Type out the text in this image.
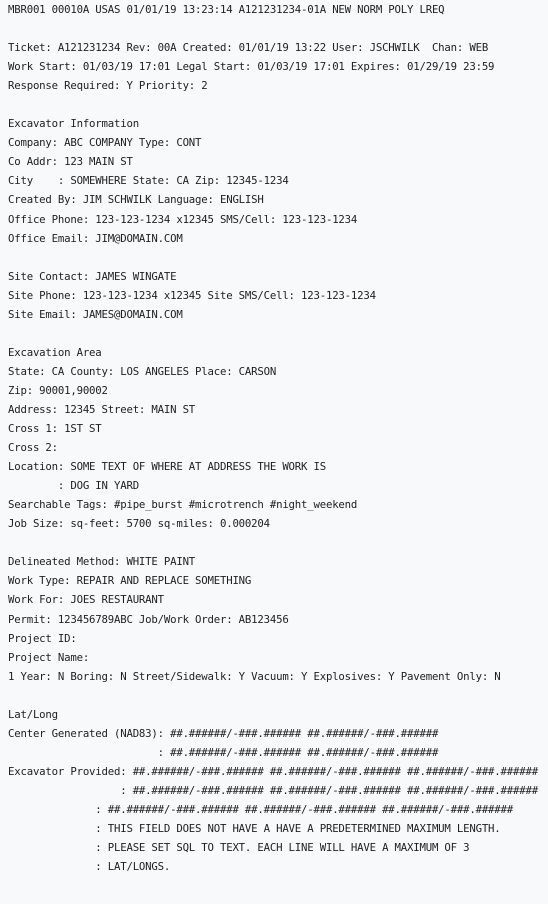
MBR001 00010A USAS 01/01/19 13:23:14 A121231234-01A NEW NORM POLY LREQ
Ticket: A121231234 Rev: 00A Created: 01/01/19 13:22 User: JSCHWILK  Chan: WEB
Work Start: 01/03/19 17:01 Legal Start: 01/03/19 17:01 Expires: 01/29/19 23:59
Response Required: Y Priority: 2
Excavator Information
Company: ABC COMPANY Type: CONT
Co Addr: 123 MAIN ST
City    : SOMEWHERE State: CA Zip: 12345-1234
Created By: JIM SCHWILK Language: ENGLISH
Office Phone: 123-123-1234 x12345 SMS/Cell: 123-123-1234
Office Email: JIM@DOMAIN.COM
Site Contact: JAMES WINGATE
Site Phone: 123-123-1234 x12345 Site SMS/Cell: 123-123-1234
Site Email: JAMES@DOMAIN.COM
Excavation Area
State: CA County: LOS ANGELES Place: CARSON
Zip: 90001,90002
Address: 12345 Street: MAIN ST
Cross 1: 1ST ST
Cross 2:
Location: SOME TEXT OF WHERE AT ADDRESS THE WORK IS
: DOG IN YARD
Searchable Tags: #pipe_burst #microtrench #night_weekend
Job Size: sq-feet: 5700 sq-miles: 0.000204
Delineated Method: WHITE PAINT
Work Type: REPAIR AND REPLACE SOMETHING
Work For: JOES RESTAURANT
Permit: 123456789ABC Job/Work Order: AB123456
Project ID:
Project Name:
1 Year: N Boring: N Street/Sidewalk: Y Vacuum: Y Explosives: Y Pavement Only: N
Lat/Long
Center Generated (NAD83): ##.######/-###.###### ##.######/-###.######
: ##.######/-###.###### ##.######/-###.######
Excavator Provided: ##.######/-###.###### ##.######/-###.###### ##.######/-###.######
: ##.######/-###.###### ##.######/-###.###### ##.######/-###.######
: ##.######/-###.###### ##.######/-###.###### ##.######/-###.######
: THIS FIELD DOES NOT HAVE A HAVE A PREDETERMINED MAXIMUM LENGTH.
: PLEASE SET SQL TO TEXT. EACH LINE WILL HAVE A MAXIMUM OF 3
: LAT/LONGS.
